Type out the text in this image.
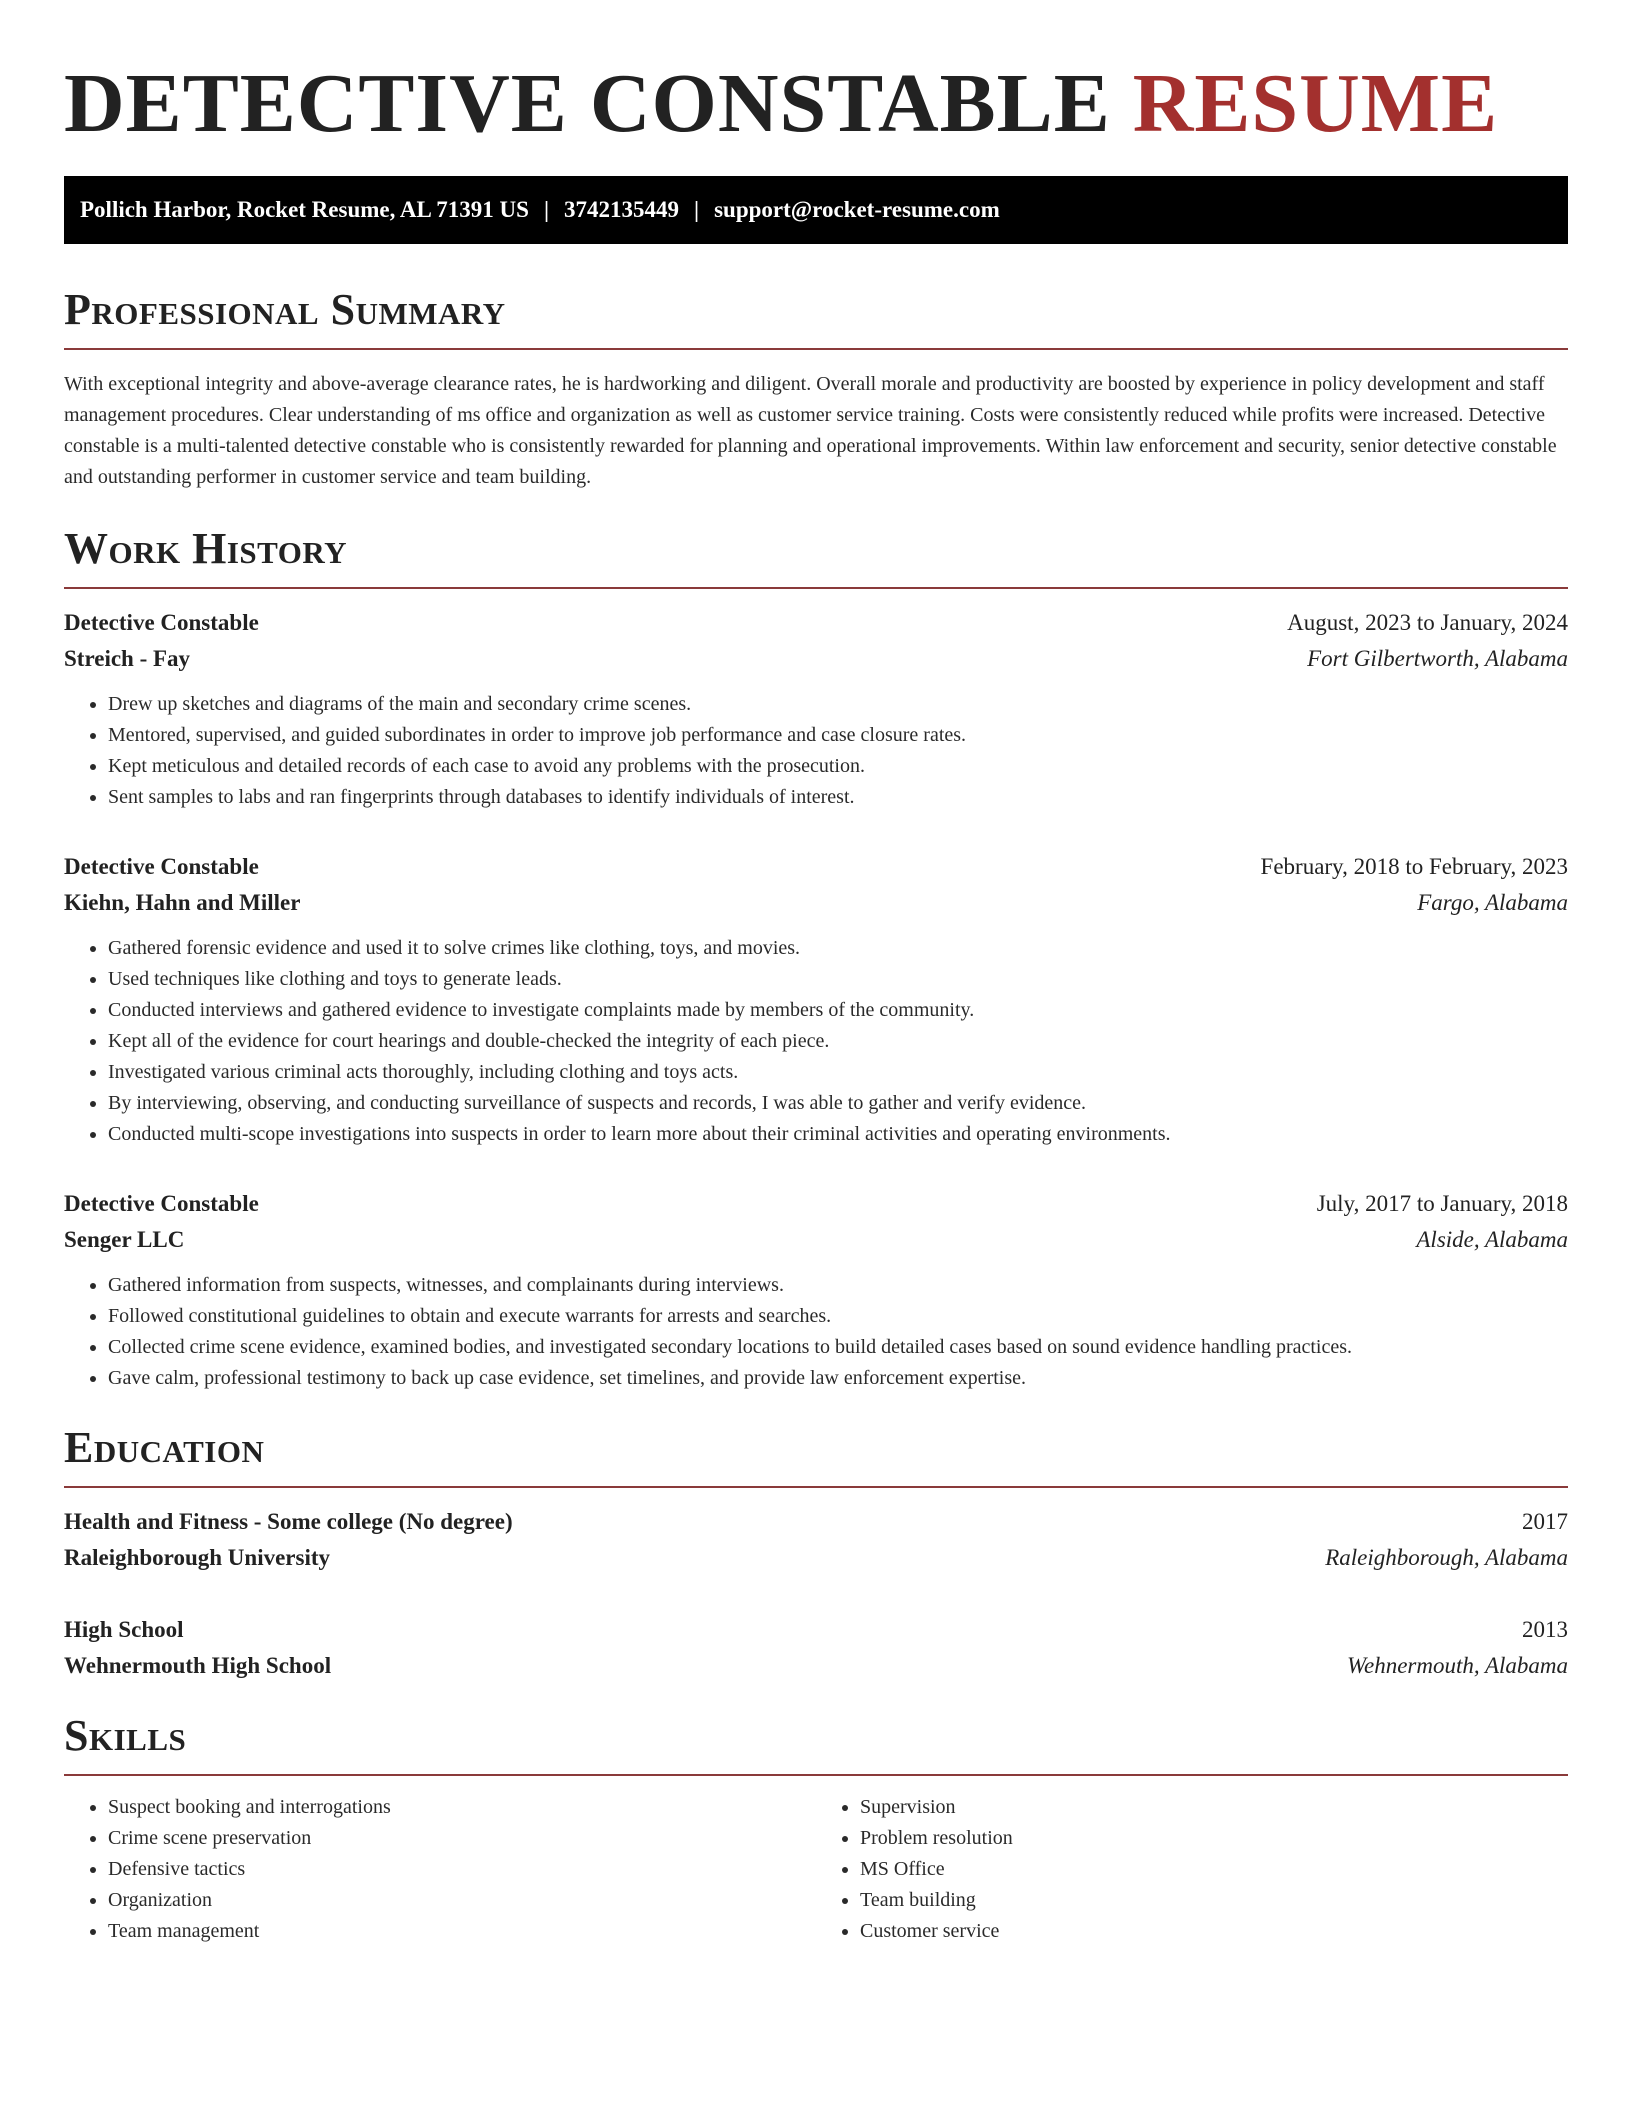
DETECTIVE CONSTABLE RESUME
Pollich Harbor, Rocket Resume, AL 71391 US | 3742135449 | support@rocket-resume.com
Professional Summary

With exceptional integrity and above-average clearance rates, he is hardworking and diligent. Overall morale and productivity are boosted by experience in policy development and staff management procedures. Clear understanding of ms office and organization as well as customer service training. Costs were consistently reduced while profits were increased. Detective constable is a multi-talented detective constable who is consistently rewarded for planning and operational improvements. Within law enforcement and security, senior detective constable and outstanding performer in customer service and team building.

Work History
Detective Constable	August, 2023 to January, 2024
Streich - Fay	Fort Gilbertworth, Alabama
• Drew up sketches and diagrams of the main and secondary crime scenes.
• Mentored, supervised, and guided subordinates in order to improve job performance and case closure rates.
• Kept meticulous and detailed records of each case to avoid any problems with the prosecution.
• Sent samples to labs and ran fingerprints through databases to identify individuals of interest.
Detective Constable	February, 2018 to February, 2023
Kiehn, Hahn and Miller	Fargo, Alabama
• Gathered forensic evidence and used it to solve crimes like clothing, toys, and movies.
• Used techniques like clothing and toys to generate leads.
• Conducted interviews and gathered evidence to investigate complaints made by members of the community.
• Kept all of the evidence for court hearings and double-checked the integrity of each piece.
• Investigated various criminal acts thoroughly, including clothing and toys acts.
• By interviewing, observing, and conducting surveillance of suspects and records, I was able to gather and verify evidence.
• Conducted multi-scope investigations into suspects in order to learn more about their criminal activities and operating environments.
Detective Constable	July, 2017 to January, 2018
Senger LLC	Alside, Alabama
• Gathered information from suspects, witnesses, and complainants during interviews.
• Followed constitutional guidelines to obtain and execute warrants for arrests and searches.
• Collected crime scene evidence, examined bodies, and investigated secondary locations to build detailed cases based on sound evidence handling practices.
• Gave calm, professional testimony to back up case evidence, set timelines, and provide law enforcement expertise.
Education
Health and Fitness - Some college (No degree)	2017
Raleighborough University	Raleighborough, Alabama
High School	2013
Wehnermouth High School	Wehnermouth, Alabama
Skills
• Suspect booking and interrogations
• Crime scene preservation
• Defensive tactics
• Organization
• Team management
• Supervision
• Problem resolution
• MS Office
• Team building
• Customer service
